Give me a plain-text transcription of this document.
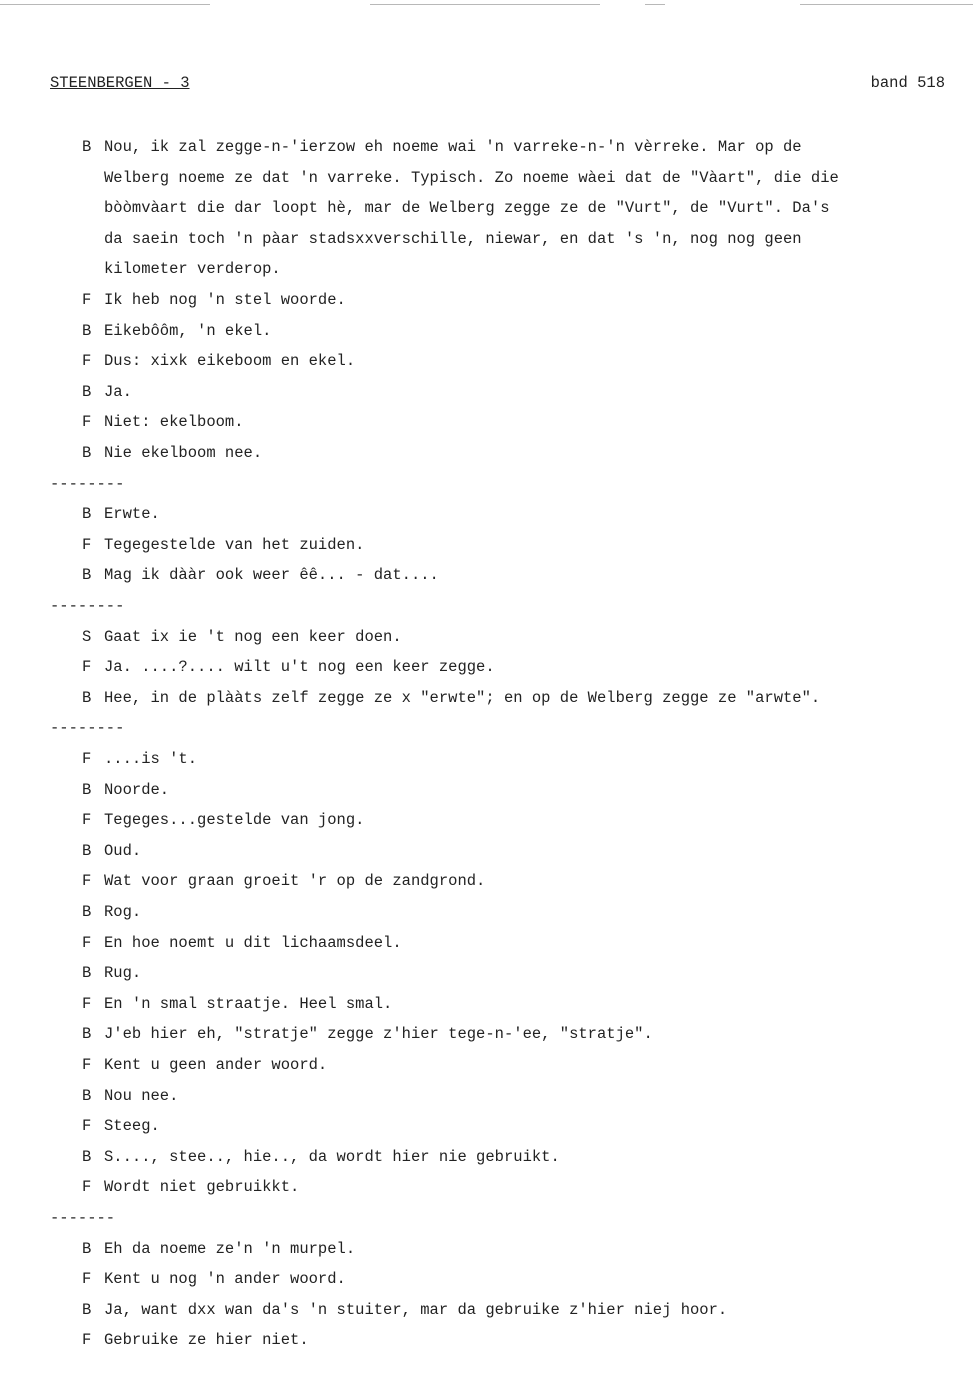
STEENBERGEN - 3	band 518
B Nou, ik zal zegge-n-'ierzow eh noeme wai 'n varreke-n-'n vèrreke. Mar op de
Welberg noeme ze dat 'n varreke. Typisch. Zo noeme wàei dat de "Vàart", die die
bòòmvàart die dar loopt hè, mar de Welberg zegge ze de "Vurt", de "Vurt". Da's
da saein toch 'n pàar stadsxxverschille, niewar, en dat 's 'n, nog nog geen
kilometer verderop.
F Ik heb nog 'n stel woorde.
B Eikebôôm, 'n ekel.
F Dus: xixk eikeboom en ekel.
B Ja.
F Niet: ekelboom.
B Nie ekelboom nee.
--------
B Erwte.
F Tegegestelde van het zuiden.
B Mag ik dààr ook weer êê... - dat....
--------
S Gaat ix ie 't nog een keer doen.
F Ja. ....?.... wilt u't nog een keer zegge.
B Hee, in de plààts zelf zegge ze x "erwte"; en op de Welberg zegge ze "arwte".
--------
F ....is 't.
B Noorde.
F Tegeges...gestelde van jong.
B Oud.
F Wat voor graan groeit 'r op de zandgrond.
B Rog.
F En hoe noemt u dit lichaamsdeel.
B Rug.
F En 'n smal straatje. Heel smal.
B J'eb hier eh, "stratje" zegge z'hier tege-n-'ee, "stratje".
F Kent u geen ander woord.
B Nou nee.
F Steeg.
B S...., stee.., hie.., da wordt hier nie gebruikt.
F Wordt niet gebruikkt.
-------
B Eh da noeme ze'n 'n murpel.
F Kent u nog 'n ander woord.
B Ja, want dxx wan da's 'n stuiter, mar da gebruike z'hier niej hoor.
F Gebruike ze hier niet.
